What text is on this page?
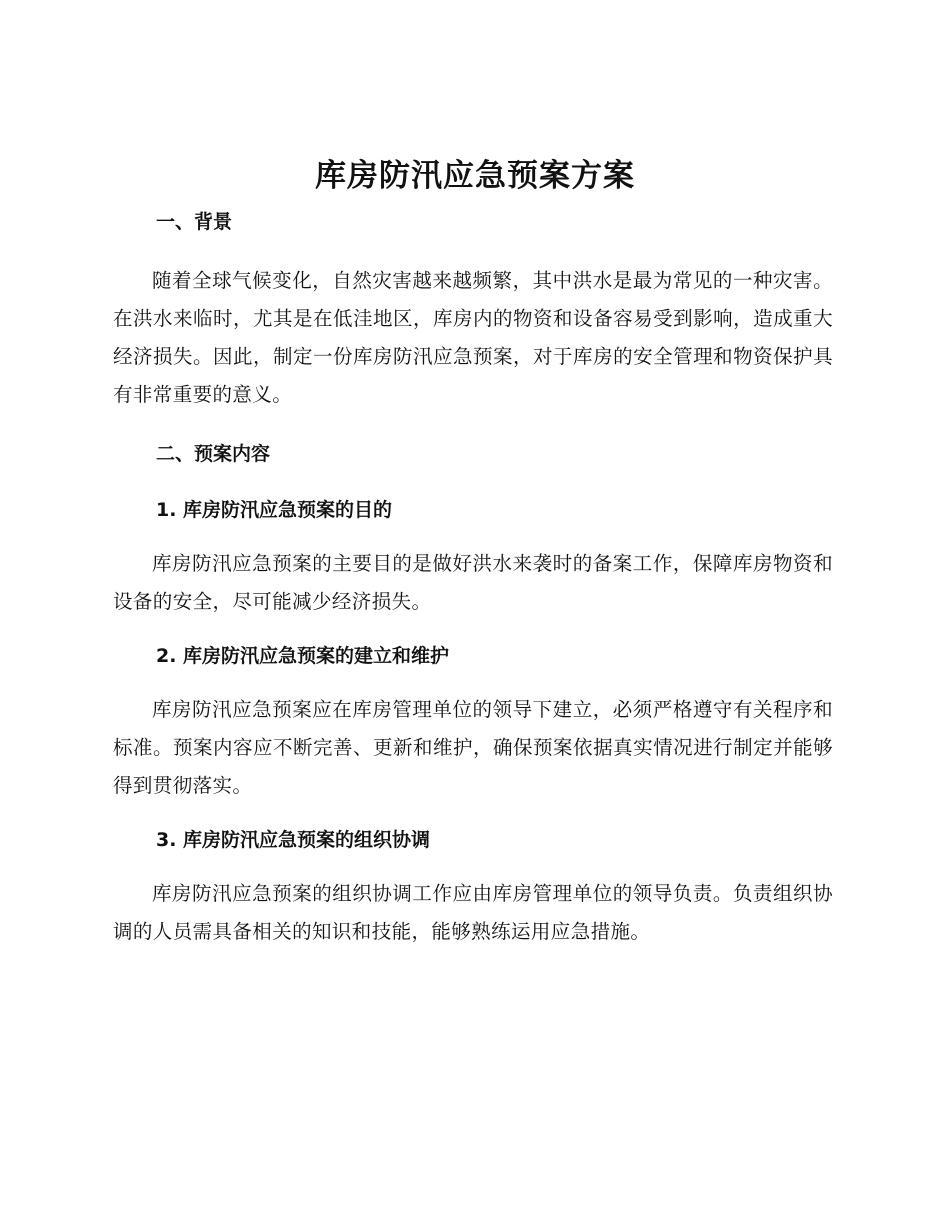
库房防汛应急预案方案
一、背景

随着全球气候变化，自然灾害越来越频繁，其中洪水是最为常见的一种灾害。在洪水来临时，尤其是在低洼地区，库房内的物资和设备容易受到影响，造成重大经济损失。因此，制定一份库房防汛应急预案，对于库房的安全管理和物资保护具有非常重要的意义。

二、预案内容
1. 库房防汛应急预案的目的

库房防汛应急预案的主要目的是做好洪水来袭时的备案工作，保障库房物资和设备的安全，尽可能减少经济损失。

2. 库房防汛应急预案的建立和维护

库房防汛应急预案应在库房管理单位的领导下建立，必须严格遵守有关程序和标准。预案内容应不断完善、更新和维护，确保预案依据真实情况进行制定并能够得到贯彻落实。

3. 库房防汛应急预案的组织协调

库房防汛应急预案的组织协调工作应由库房管理单位的领导负责。负责组织协调的人员需具备相关的知识和技能，能够熟练运用应急措施。
